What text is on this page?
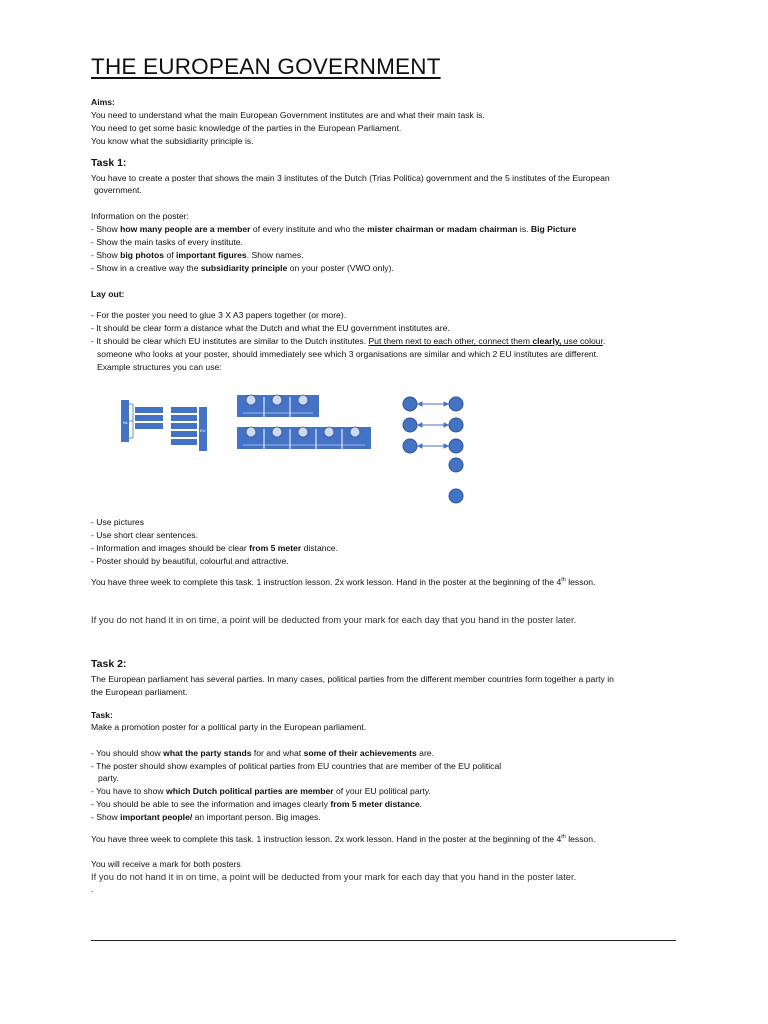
THE EUROPEAN GOVERNMENT
Aims:
You need to understand what the main European Government institutes are and what their main task is.
You need to get some basic knowledge of the parties in the European Parliament.
You know what the subsidiarity principle is.
Task 1:
You have to create a poster that shows the main 3 institutes of the Dutch (Trias Politica) government and the 5 institutes of the European
government.
Information on the poster:
- Show how many people are a member of every institute and who the mister chairman or madam chairman is. Big Picture
- Show the main tasks of every institute.
- Show big photos of important figures. Show names.
- Show in a creative way the subsidiarity principle on your poster (VWO only).
Lay out:
- For the poster you need to glue 3 X A3 papers together (or more).
- It should be clear form a distance what the Dutch and what the EU government institutes are.
- It should be clear which EU institutes are similar to the Dutch institutes. Put them next to each other, connect them clearly, use colour.
someone who looks at your poster, should immediately see which 3 organisations are similar and which 2 EU institutes are different.
Example structures you can use:
NL
EU
- Use pictures
- Use short clear sentences.
- Information and images should be clear from 5 meter distance.
- Poster should by beautiful, colourful and attractive.
You have three week to complete this task. 1 instruction lesson. 2x work lesson. Hand in the poster at the beginning of the 4th lesson.
If you do not hand it in on time, a point will be deducted from your mark for each day that you hand in the poster later.
Task 2:
The European parliament has several parties. In many cases, political parties from the different member countries form together a party in
the European parliament.
Task:
Make a promotion poster for a political party in the European parliament.
- You should show what the party stands for and what some of their achievements are.
- The poster should show examples of political parties from EU countries that are member of the EU political
party.
- You have to show which Dutch political parties are member of your EU political party.
- You should be able to see the information and images clearly from 5 meter distance.
- Show important people/ an important person. Big images.
You have three week to complete this task. 1 instruction lesson. 2x work lesson. Hand in the poster at the beginning of the 4th lesson.
You will receive a mark for both posters
If you do not hand it in on time, a point will be deducted from your mark for each day that you hand in the poster later.
.
